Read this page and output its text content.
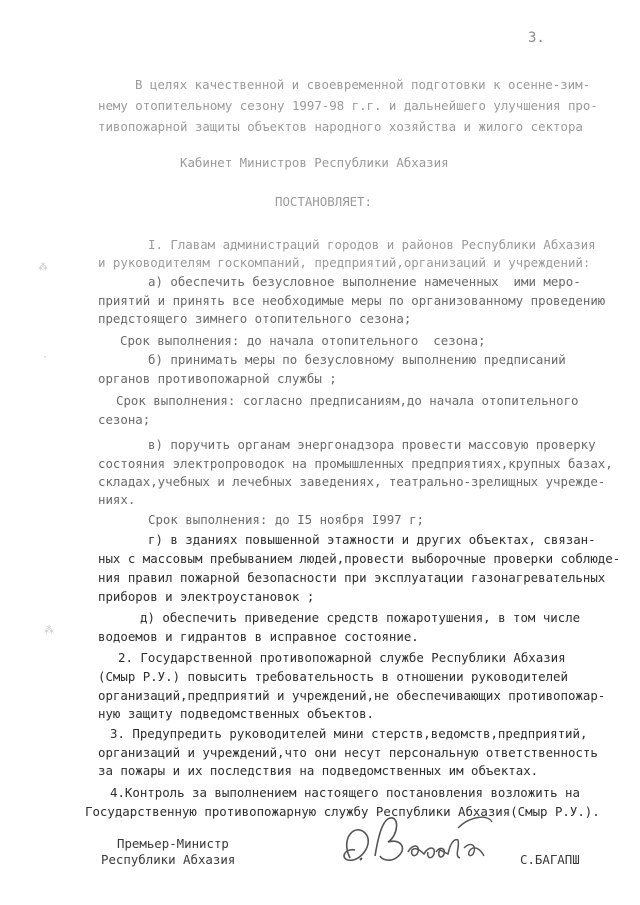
3.
В целях качественной и своевременной подготовки к осенне-зим-
нему отопительному сезону 1997-98 г.г. и дальнейшего улучшения про-
тивопожарной защиты объектов народного хозяйства и жилого сектора
Кабинет Министров Республики Абхазия
ПОСТАНОВЛЯЕТ:
I. Главам администраций городов и районов Республики Абхазия
и руководителям госкомпаний, предприятий,организаций и учреждений:
а) обеспечить безусловное выполнение намеченных  ими меро-
приятий и принять все необходимые меры по организованному проведению
предстоящего зимнего отопительного сезона;
Срок выполнения: до начала отопительного  сезона;
б) принимать меры по безусловному выполнению предписаний
органов противопожарной службы ;
Срок выполнения: согласно предписаниям,до начала отопительного
сезона;
в) поручить органам энергонадзора провести массовую проверку
состояния электропроводок на промышленных предприятиях,крупных базах,
складах,учебных и лечебных заведениях, театрально-зрелищных учрежде-
ниях.
Срок выполнения: до I5 ноября I997 г;
г) в зданиях повышенной этажности и других объектах, связан-
ных с массовым пребыванием людей,провести выборочные проверки соблюде-
ния правил пожарной безопасности при эксплуатации газонагревательных
приборов и электроустановок ;
д) обеспечить приведение средств пожаротушения, в том числе
водоемов и гидрантов в исправное состояние.
2. Государственной противопожарной службе Республики Абхазия
(Смыр Р.У.) повысить требовательность в отношении руководителей
организаций,предприятий и учреждений,не обеспечивающих противопожар-
ную защиту подведомственных объектов.
3. Предупредить руководителей мини стерств,ведомств,предприятий,
организаций и учреждений,что они несут персональную ответственность
за пожары и их последствия на подведомственных им объектах.
4.Контроль за выполнением настоящего постановления возложить на
Государственную противопожарную службу Республики Абхазия(Смыр Р.У.).
Премьер-Министр
Республики Абхазия	С.БАГАПШ
⁂
·
⁂
